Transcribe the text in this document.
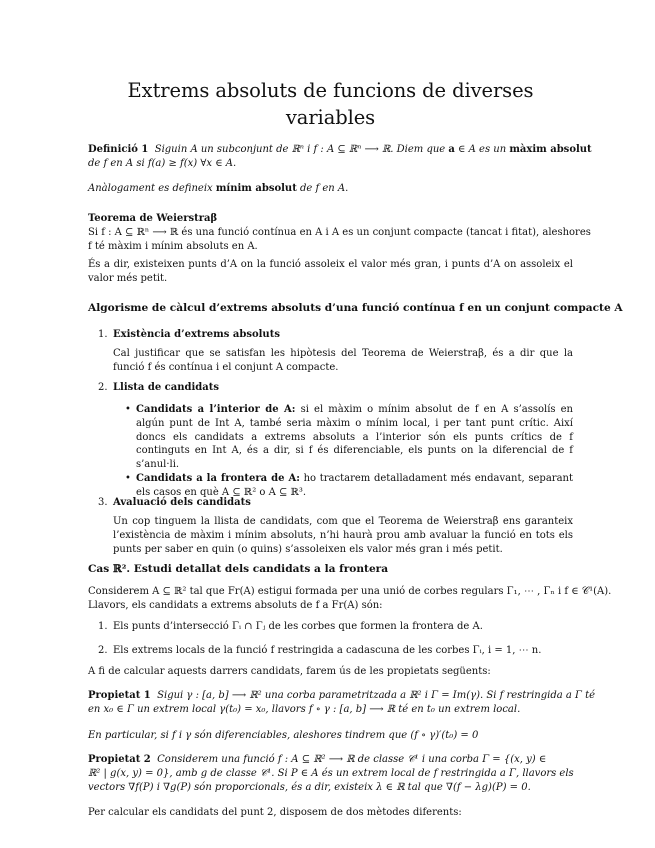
Extrems absoluts de funcions de diverses variables
Definició 1 Siguin A un subconjunt de ℝⁿ i f : A ⊆ ℝⁿ ⟶ ℝ. Diem que a ∈ A es un màxim absolut
de f en A si f(a) ≥ f(x) ∀x ∈ A.
Anàlogament es defineix mínim absolut de f en A.
Teorema de Weierstraβ
Si f : A ⊆ ℝⁿ ⟶ ℝ és una funció contínua en A i A es un conjunt compacte (tancat i fitat), aleshores
f té màxim i mínim absoluts en A.
És a dir, existeixen punts d’A on la funció assoleix el valor més gran, i punts d’A on assoleix el valor més petit.
Algorisme de càlcul d’extrems absoluts d’una funció contínua f en un conjunt compacte A
1. Existència d’extrems absoluts
Cal justificar que se satisfan les hipòtesis del Teorema de Weierstraβ, és a dir que la funció f és contínua i el conjunt A compacte.
2. Llista de candidats
• Candidats a l’interior de A: si el màxim o mínim absolut de f en A s’assolís en algún punt de Int A, també seria màxim o mínim local, i per tant punt crític. Així doncs els candidats a extrems absoluts a l’interior són els punts crítics de f continguts en Int A, és a dir, si f és diferenciable, els punts on la diferencial de f s’anul·li.
• Candidats a la frontera de A: ho tractarem detalladament més endavant, separant els casos en què A ⊆ ℝ² o A ⊆ ℝ³.
3. Avaluació dels candidats
Un cop tinguem la llista de candidats, com que el Teorema de Weierstraβ ens garanteix l’existència de màxim i mínim absoluts, n’hi haurà prou amb avaluar la funció en tots els punts per saber en quin (o quins) s’assoleixen els valor més gran i més petit.
Cas ℝ². Estudi detallat dels candidats a la frontera
Considerem A ⊆ ℝ² tal que Fr(A) estigui formada per una unió de corbes regulars Γ₁, ⋯ , Γₙ i f ∈ 𝒞¹(A).
Llavors, els candidats a extrems absoluts de f a Fr(A) són:
1. Els punts d’intersecció Γᵢ ∩ Γⱼ de les corbes que formen la frontera de A.
2. Els extrems locals de la funció f restringida a cadascuna de les corbes Γᵢ, i = 1, ⋯ n.
A fi de calcular aquests darrers candidats, farem ús de les propietats següents:
Propietat 1 Sigui γ : [a, b] ⟶ ℝ² una corba parametritzada a ℝ² i Γ = Im(γ). Si f restringida a Γ té
en x₀ ∈ Γ un extrem local γ(t₀) = x₀, llavors f ∘ γ : [a, b] ⟶ ℝ té en t₀ un extrem local.
En particular, si f i γ són diferenciables, aleshores tindrem que (f ∘ γ)′(t₀) = 0
Propietat 2 Considerem una funció f : A ⊆ ℝ² ⟶ ℝ de classe 𝒞¹ i una corba Γ = {(x, y) ∈
ℝ² | g(x, y) = 0}, amb g de classe 𝒞¹. Si P ∈ A és un extrem local de f restringida a Γ, llavors els
vectors ∇f(P) i ∇g(P) són proporcionals, és a dir, existeix λ ∈ ℝ tal que ∇(f − λg)(P) = 0.
Per calcular els candidats del punt 2, disposem de dos mètodes diferents:
